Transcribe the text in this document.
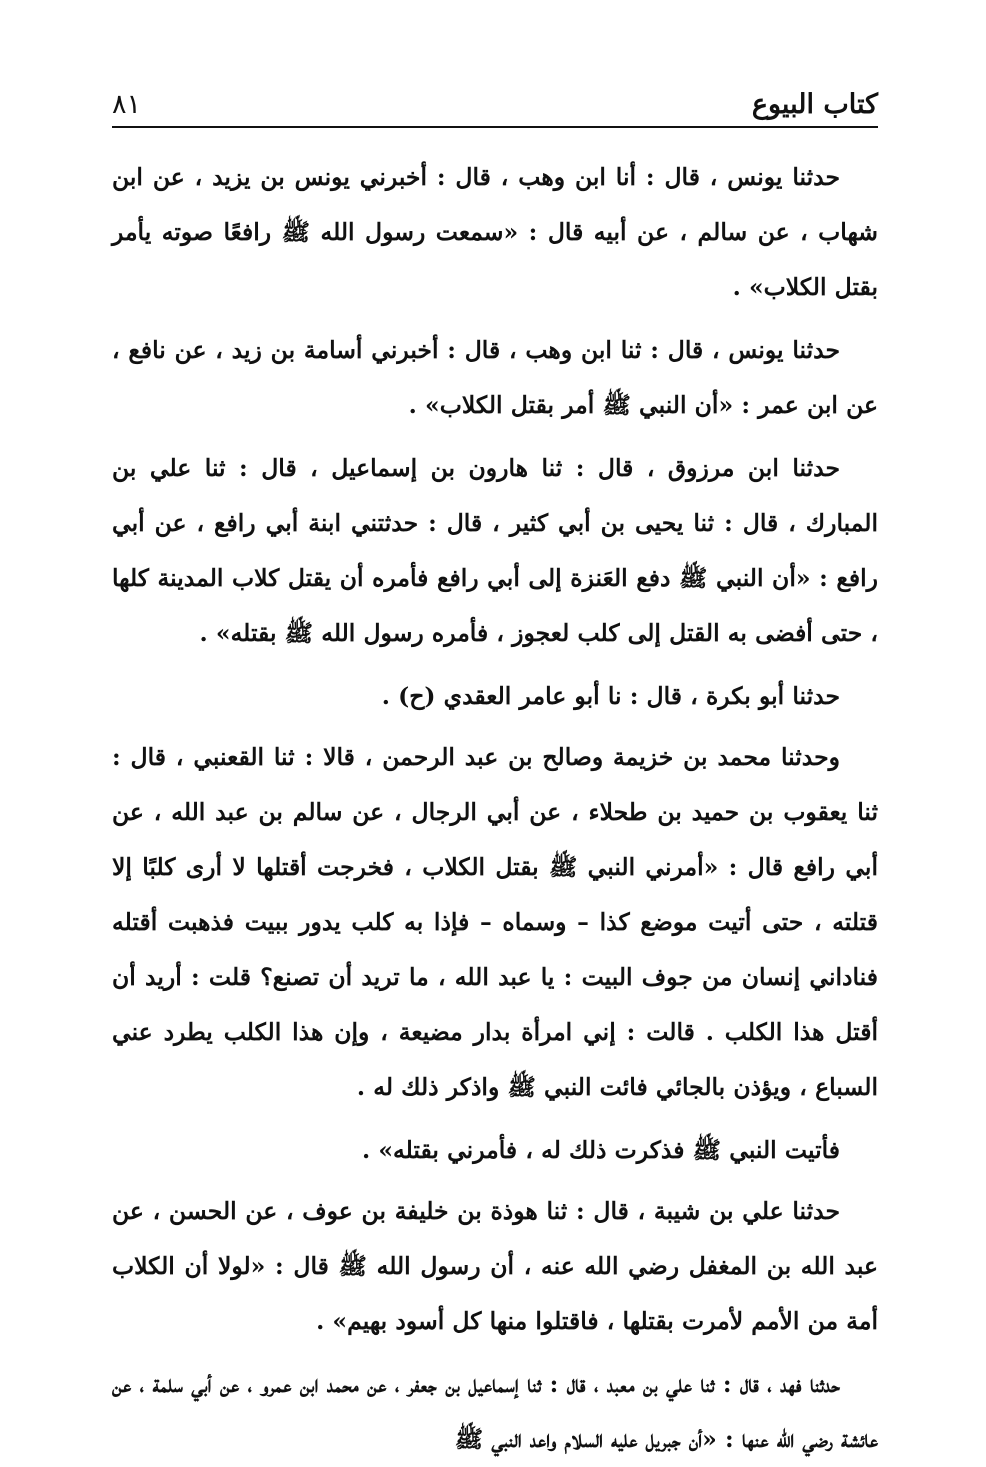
كتاب البيوع
٨١

حدثنا يونس ، قال : أنا ابن وهب ، قال : أخبرني يونس بن يزيد ، عن ابن شهاب ، عن سالم ، عن أبيه قال : «سمعت رسول الله ﷺ رافعًا صوته يأمر بقتل الكلاب» .

حدثنا يونس ، قال : ثنا ابن وهب ، قال : أخبرني أسامة بن زيد ، عن نافع ، عن ابن عمر : «أن النبي ﷺ أمر بقتل الكلاب» .

حدثنا ابن مرزوق ، قال : ثنا هارون بن إسماعيل ، قال : ثنا علي بن المبارك ، قال : ثنا يحيى بن أبي كثير ، قال : حدثتني ابنة أبي رافع ، عن أبي رافع : «أن النبي ﷺ دفع العَنزة إلى أبي رافع فأمره أن يقتل كلاب المدينة كلها ، حتى أفضى به القتل إلى كلب لعجوز ، فأمره رسول الله ﷺ بقتله» .

حدثنا أبو بكرة ، قال : نا أبو عامر العقدي (ح) .

وحدثنا محمد بن خزيمة وصالح بن عبد الرحمن ، قالا : ثنا القعنبي ، قال : ثنا يعقوب بن حميد بن طحلاء ، عن أبي الرجال ، عن سالم بن عبد الله ، عن أبي رافع قال : «أمرني النبي ﷺ بقتل الكلاب ، فخرجت أقتلها لا أرى كلبًا إلا قتلته ، حتى أتيت موضع كذا – وسماه – فإذا به كلب يدور ببيت فذهبت أقتله فناداني إنسان من جوف البيت : يا عبد الله ، ما تريد أن تصنع؟ قلت : أريد أن أقتل هذا الكلب . قالت : إني امرأة بدار مضيعة ، وإن هذا الكلب يطرد عني السباع ، ويؤذن بالجائي فائت النبي ﷺ واذكر ذلك له .

فأتيت النبي ﷺ فذكرت ذلك له ، فأمرني بقتله» .

حدثنا علي بن شيبة ، قال : ثنا هوذة بن خليفة بن عوف ، عن الحسن ، عن عبد الله بن المغفل رضي الله عنه ، أن رسول الله ﷺ قال : «لولا أن الكلاب أمة من الأمم لأمرت بقتلها ، فاقتلوا منها كل أسود بهيم» .

حدثنا فهد ، قال : ثنا علي بن معبد ، قال : ثنا إسماعيل بن جعفر ، عن محمد ابن عمرو ، عن أبي سلمة ، عن عائشة رضي الله عنها : «أن جبريل عليه السلام واعد النبي ﷺ
